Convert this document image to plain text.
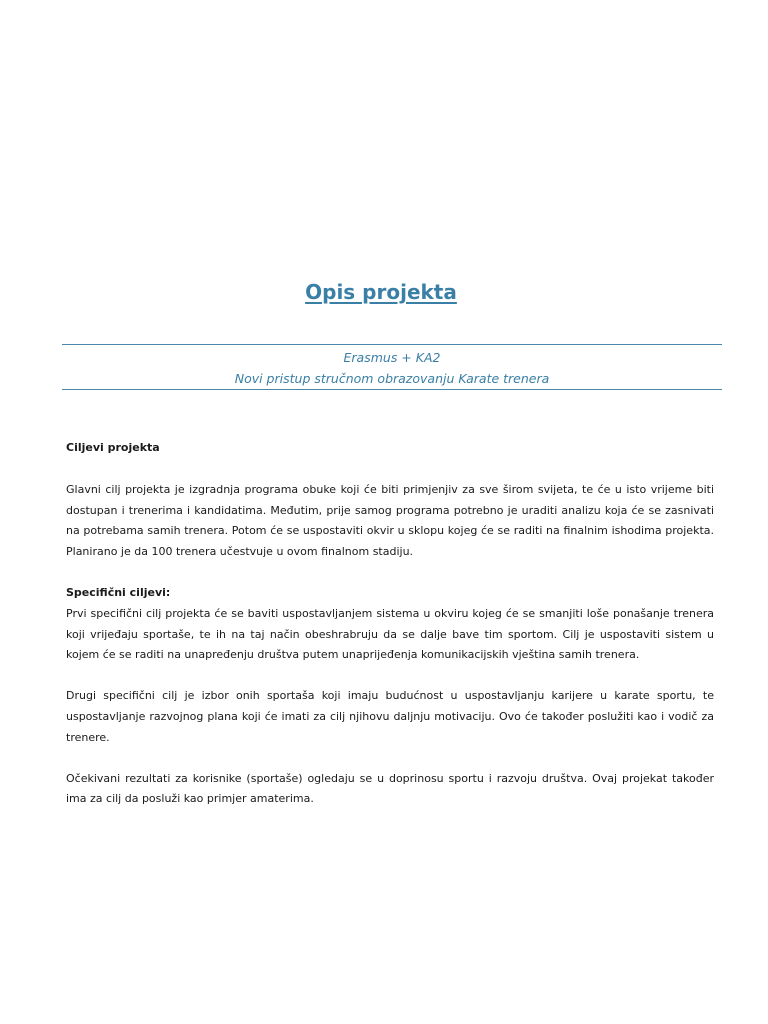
Opis projekta
Erasmus + KA2
Novi pristup stručnom obrazovanju Karate trenera

Ciljevi projekta

Glavni cilj projekta je izgradnja programa obuke koji će biti primjenjiv za sve širom svijeta, te će u isto vrijeme biti dostupan i trenerima i kandidatima. Međutim, prije samog programa potrebno je uraditi analizu koja će se zasnivati na potrebama samih trenera. Potom će se uspostaviti okvir u sklopu kojeg će se raditi na finalnim ishodima projekta. Planirano je da 100 trenera učestvuje u ovom finalnom stadiju.

Specifični ciljevi:

Prvi specifični cilj projekta će se baviti uspostavljanjem sistema u okviru kojeg će se smanjiti loše ponašanje trenera koji vrijeđaju sportaše, te ih na taj način obeshrabruju da se dalje bave tim sportom. Cilj je uspostaviti sistem u kojem će se raditi na unapređenju društva putem unaprijeđenja komunikacijskih vještina samih trenera.

Drugi specifični cilj je izbor onih sportaša koji imaju budućnost u uspostavljanju karijere u karate sportu, te uspostavljanje razvojnog plana koji će imati za cilj njihovu daljnju motivaciju. Ovo će također poslužiti kao i vodič za trenere.

Očekivani rezultati za korisnike (sportaše) ogledaju se u doprinosu sportu i razvoju društva. Ovaj projekat također ima za cilj da posluži kao primjer amaterima.
